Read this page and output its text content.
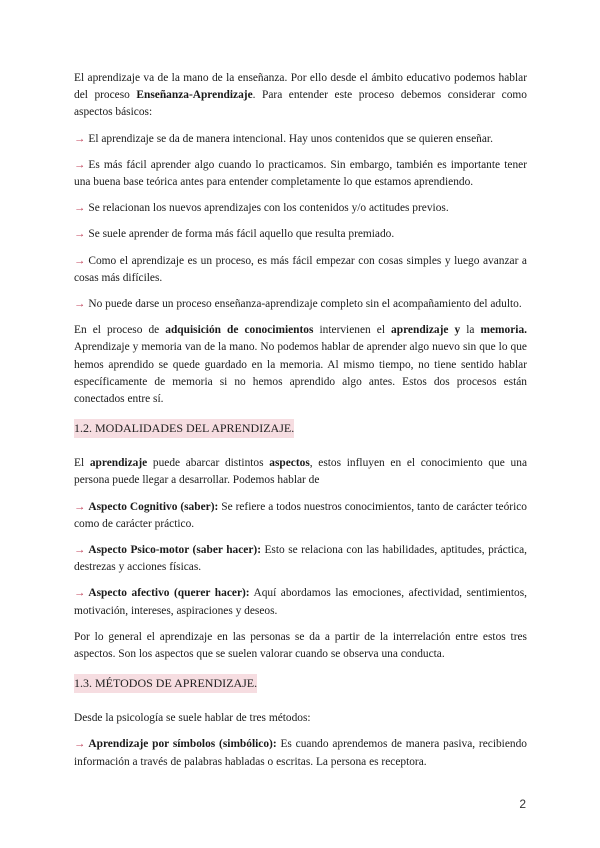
El aprendizaje va de la mano de la enseñanza. Por ello desde el ámbito educativo podemos hablar del proceso Enseñanza-Aprendizaje. Para entender este proceso debemos considerar como aspectos básicos:

→ El aprendizaje se da de manera intencional. Hay unos contenidos que se quieren enseñar.

→ Es más fácil aprender algo cuando lo practicamos. Sin embargo, también es importante tener una buena base teórica antes para entender completamente lo que estamos aprendiendo.

→ Se relacionan los nuevos aprendizajes con los contenidos y/o actitudes previos.

→ Se suele aprender de forma más fácil aquello que resulta premiado.

→ Como el aprendizaje es un proceso, es más fácil empezar con cosas simples y luego avanzar a cosas más difíciles.

→ No puede darse un proceso enseñanza-aprendizaje completo sin el acompañamiento del adulto.

En el proceso de adquisición de conocimientos intervienen el aprendizaje y la memoria. Aprendizaje y memoria van de la mano. No podemos hablar de aprender algo nuevo sin que lo que hemos aprendido se quede guardado en la memoria. Al mismo tiempo, no tiene sentido hablar específicamente de memoria si no hemos aprendido algo antes. Estos dos procesos están conectados entre sí.

1.2. MODALIDADES DEL APRENDIZAJE.

El aprendizaje puede abarcar distintos aspectos, estos influyen en el conocimiento que una persona puede llegar a desarrollar. Podemos hablar de

→ Aspecto Cognitivo (saber): Se refiere a todos nuestros conocimientos, tanto de carácter teórico como de carácter práctico.

→ Aspecto Psico-motor (saber hacer): Esto se relaciona con las habilidades, aptitudes, práctica, destrezas y acciones físicas.

→ Aspecto afectivo (querer hacer): Aquí abordamos las emociones, afectividad, sentimientos, motivación, intereses, aspiraciones y deseos.

Por lo general el aprendizaje en las personas se da a partir de la interrelación entre estos tres aspectos. Son los aspectos que se suelen valorar cuando se observa una conducta.

1.3. MÉTODOS DE APRENDIZAJE.

Desde la psicología se suele hablar de tres métodos:

→ Aprendizaje por símbolos (simbólico): Es cuando aprendemos de manera pasiva, recibiendo información a través de palabras habladas o escritas. La persona es receptora.

2
